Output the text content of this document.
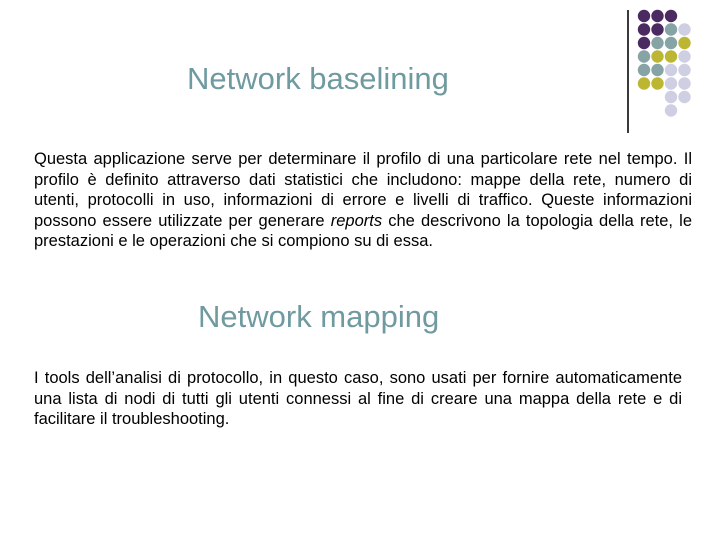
Network baselining

Questa applicazione serve per determinare il profilo di una particolare rete nel tempo. Il profilo è definito attraverso dati statistici che includono: mappe della rete, numero di utenti, protocolli in uso, informazioni di errore e livelli di traffico. Queste informazioni possono essere utilizzate per generare reports che descrivono la topologia della rete, le prestazioni e le operazioni che si compiono su di essa.

Network mapping

I tools dell’analisi di protocollo, in questo caso, sono usati per fornire automaticamente una lista di nodi di tutti gli utenti connessi al fine di creare una mappa della rete e di facilitare il troubleshooting.
